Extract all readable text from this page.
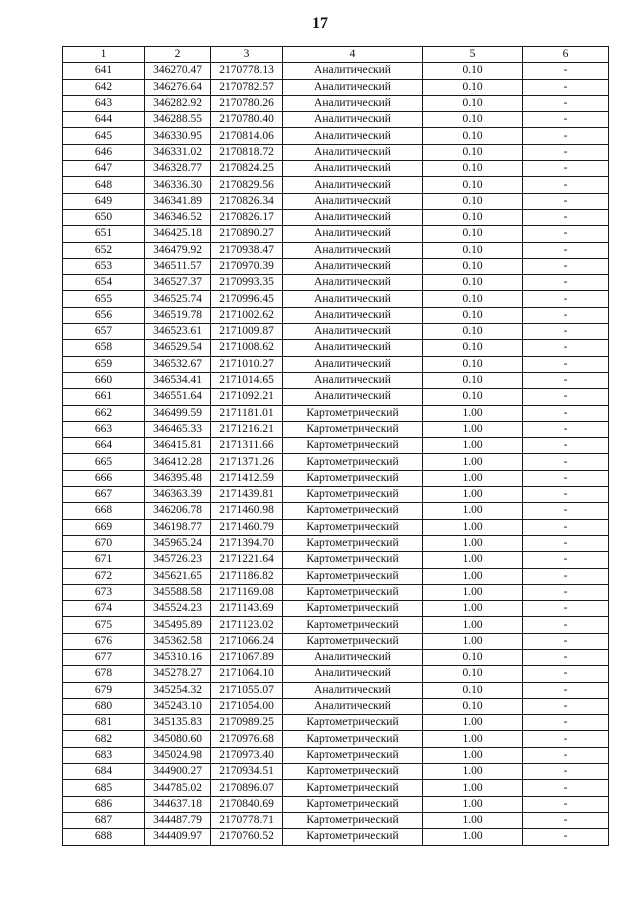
17
1	2	3	4	5	6
641	346270.47	2170778.13	Аналитический	0.10	-
642	346276.64	2170782.57	Аналитический	0.10	-
643	346282.92	2170780.26	Аналитический	0.10	-
644	346288.55	2170780.40	Аналитический	0.10	-
645	346330.95	2170814.06	Аналитический	0.10	-
646	346331.02	2170818.72	Аналитический	0.10	-
647	346328.77	2170824.25	Аналитический	0.10	-
648	346336.30	2170829.56	Аналитический	0.10	-
649	346341.89	2170826.34	Аналитический	0.10	-
650	346346.52	2170826.17	Аналитический	0.10	-
651	346425.18	2170890.27	Аналитический	0.10	-
652	346479.92	2170938.47	Аналитический	0.10	-
653	346511.57	2170970.39	Аналитический	0.10	-
654	346527.37	2170993.35	Аналитический	0.10	-
655	346525.74	2170996.45	Аналитический	0.10	-
656	346519.78	2171002.62	Аналитический	0.10	-
657	346523.61	2171009.87	Аналитический	0.10	-
658	346529.54	2171008.62	Аналитический	0.10	-
659	346532.67	2171010.27	Аналитический	0.10	-
660	346534.41	2171014.65	Аналитический	0.10	-
661	346551.64	2171092.21	Аналитический	0.10	-
662	346499.59	2171181.01	Картометрический	1.00	-
663	346465.33	2171216.21	Картометрический	1.00	-
664	346415.81	2171311.66	Картометрический	1.00	-
665	346412.28	2171371.26	Картометрический	1.00	-
666	346395.48	2171412.59	Картометрический	1.00	-
667	346363.39	2171439.81	Картометрический	1.00	-
668	346206.78	2171460.98	Картометрический	1.00	-
669	346198.77	2171460.79	Картометрический	1.00	-
670	345965.24	2171394.70	Картометрический	1.00	-
671	345726.23	2171221.64	Картометрический	1.00	-
672	345621.65	2171186.82	Картометрический	1.00	-
673	345588.58	2171169.08	Картометрический	1.00	-
674	345524.23	2171143.69	Картометрический	1.00	-
675	345495.89	2171123.02	Картометрический	1.00	-
676	345362.58	2171066.24	Картометрический	1.00	-
677	345310.16	2171067.89	Аналитический	0.10	-
678	345278.27	2171064.10	Аналитический	0.10	-
679	345254.32	2171055.07	Аналитический	0.10	-
680	345243.10	2171054.00	Аналитический	0.10	-
681	345135.83	2170989.25	Картометрический	1.00	-
682	345080.60	2170976.68	Картометрический	1.00	-
683	345024.98	2170973.40	Картометрический	1.00	-
684	344900.27	2170934.51	Картометрический	1.00	-
685	344785.02	2170896.07	Картометрический	1.00	-
686	344637.18	2170840.69	Картометрический	1.00	-
687	344487.79	2170778.71	Картометрический	1.00	-
688	344409.97	2170760.52	Картометрический	1.00	-
